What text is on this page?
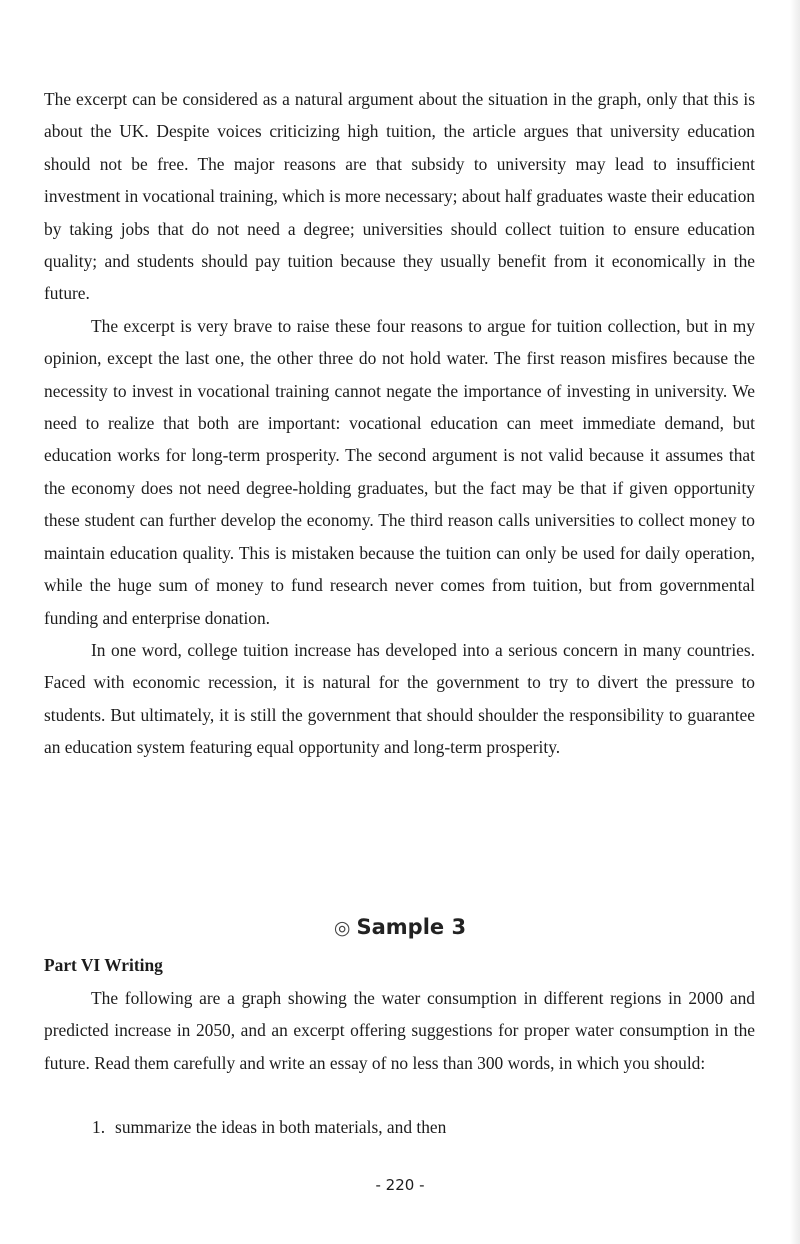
The excerpt can be considered as a natural argument about the situation in the graph, only that this is about the UK. Despite voices criticizing high tuition, the article argues that university education should not be free. The major reasons are that subsidy to university may lead to insufficient investment in vocational training, which is more necessary; about half graduates waste their education by taking jobs that do not need a degree; universities should collect tuition to ensure education quality; and students should pay tuition because they usually benefit from it economically in the future.

The excerpt is very brave to raise these four reasons to argue for tuition collection, but in my opinion, except the last one, the other three do not hold water. The first reason misfires because the necessity to invest in vocational training cannot negate the importance of investing in university. We need to realize that both are important: vocational education can meet immediate demand, but education works for long-term prosperity. The second argument is not valid because it assumes that the economy does not need degree-holding graduates, but the fact may be that if given opportunity these student can further develop the economy. The third reason calls universities to collect money to maintain education quality. This is mistaken because the tuition can only be used for daily operation, while the huge sum of money to fund research never comes from tuition, but from governmental funding and enterprise donation.

In one word, college tuition increase has developed into a serious concern in many countries. Faced with economic recession, it is natural for the government to try to divert the pressure to students. But ultimately, it is still the government that should shoulder the responsibility to guarantee an education system featuring equal opportunity and long-term prosperity.

◎ Sample 3
Part VI Writing

The following are a graph showing the water consumption in different regions in 2000 and predicted increase in 2050, and an excerpt offering suggestions for proper water consumption in the future. Read them carefully and write an essay of no less than 300 words, in which you should:

1. summarize the ideas in both materials, and then
- 220 -
